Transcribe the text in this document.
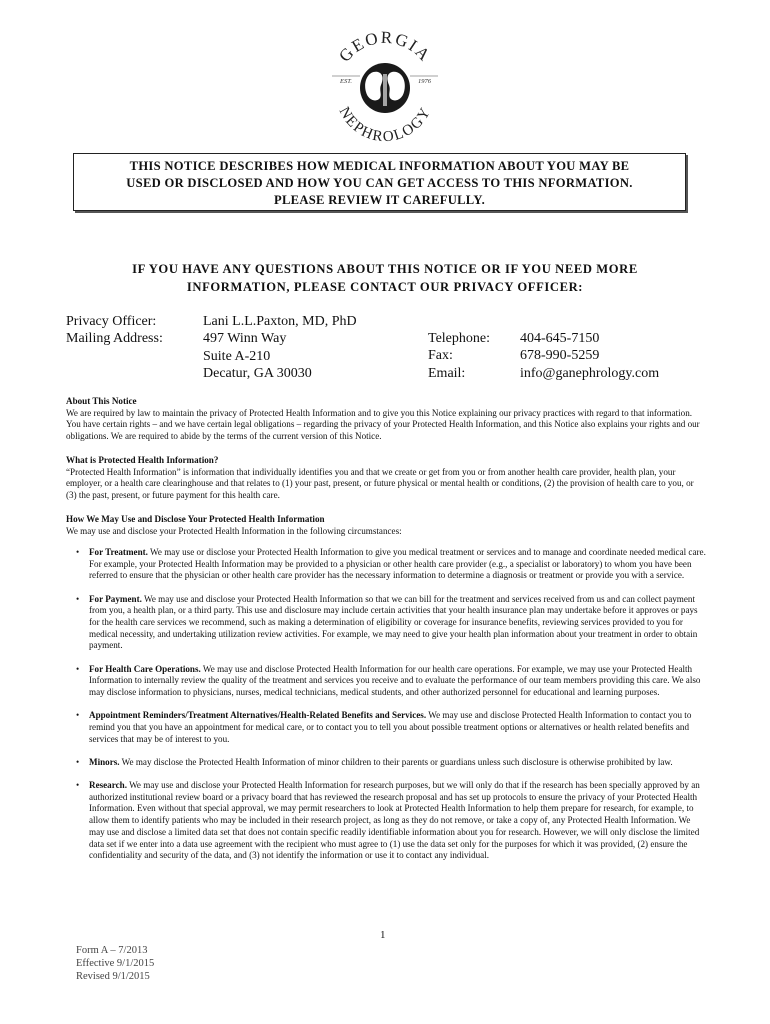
GEORGIA
NEPHROLOGY
EST.	1976
THIS NOTICE DESCRIBES HOW MEDICAL INFORMATION ABOUT YOU MAY BE
USED OR DISCLOSED AND HOW YOU CAN GET ACCESS TO THIS NFORMATION.
PLEASE REVIEW IT CAREFULLY.
IF YOU HAVE ANY QUESTIONS ABOUT THIS NOTICE OR IF YOU NEED MORE
INFORMATION, PLEASE CONTACT OUR PRIVACY OFFICER:
Privacy Officer:
Mailing Address:
Lani L.L.Paxton, MD, PhD
497 Winn Way
Suite A-210
Decatur, GA 30030
Telephone:
Fax:
Email:
404-645-7150
678-990-5259
info@ganephrology.com
About This Notice
We are required by law to maintain the privacy of Protected Health Information and to give you this Notice explaining our privacy practices with regard to that information. You have certain rights – and we have certain legal obligations – regarding the privacy of your Protected Health Information, and this Notice also explains your rights and our obligations. We are required to abide by the terms of the current version of this Notice.
What is Protected Health Information?
“Protected Health Information” is information that individually identifies you and that we create or get from you or from another health care provider, health plan, your employer, or a health care clearinghouse and that relates to (1) your past, present, or future physical or mental health or conditions, (2) the provision of health care to you, or (3) the past, present, or future payment for this health care.
How We May Use and Disclose Your Protected Health Information
We may use and disclose your Protected Health Information in the following circumstances:
• For Treatment. We may use or disclose your Protected Health Information to give you medical treatment or services and to manage and coordinate needed medical care. For example, your Protected Health Information may be provided to a physician or other health care provider (e.g., a specialist or laboratory) to whom you have been referred to ensure that the physician or other health care provider has the necessary information to determine a diagnosis or treatment or provide you with a service.
• For Payment. We may use and disclose your Protected Health Information so that we can bill for the treatment and services received from us and can collect payment from you, a health plan, or a third party. This use and disclosure may include certain activities that your health insurance plan may undertake before it approves or pays for the health care services we recommend, such as making a determination of eligibility or coverage for insurance benefits, reviewing services provided to you for medical necessity, and undertaking utilization review activities. For example, we may need to give your health plan information about your treatment in order to obtain payment.
• For Health Care Operations. We may use and disclose Protected Health Information for our health care operations. For example, we may use your Protected Health Information to internally review the quality of the treatment and services you receive and to evaluate the performance of our team members providing this care. We also may disclose information to physicians, nurses, medical technicians, medical students, and other authorized personnel for educational and learning purposes.
• Appointment Reminders/Treatment Alternatives/Health-Related Benefits and Services. We may use and disclose Protected Health Information to contact you to remind you that you have an appointment for medical care, or to contact you to tell you about possible treatment options or alternatives or health related benefits and services that may be of interest to you.
• Minors. We may disclose the Protected Health Information of minor children to their parents or guardians unless such disclosure is otherwise prohibited by law.
• Research. We may use and disclose your Protected Health Information for research purposes, but we will only do that if the research has been specially approved by an authorized institutional review board or a privacy board that has reviewed the research proposal and has set up protocols to ensure the privacy of your Protected Health Information. Even without that special approval, we may permit researchers to look at Protected Health Information to help them prepare for research, for example, to allow them to identify patients who may be included in their research project, as long as they do not remove, or take a copy of, any Protected Health Information. We may use and disclose a limited data set that does not contain specific readily identifiable information about you for research. However, we will only disclose the limited data set if we enter into a data use agreement with the recipient who must agree to (1) use the data set only for the purposes for which it was provided, (2) ensure the confidentiality and security of the data, and (3) not identify the information or use it to contact any individual.
1
Form A – 7/2013
Effective 9/1/2015
Revised 9/1/2015
